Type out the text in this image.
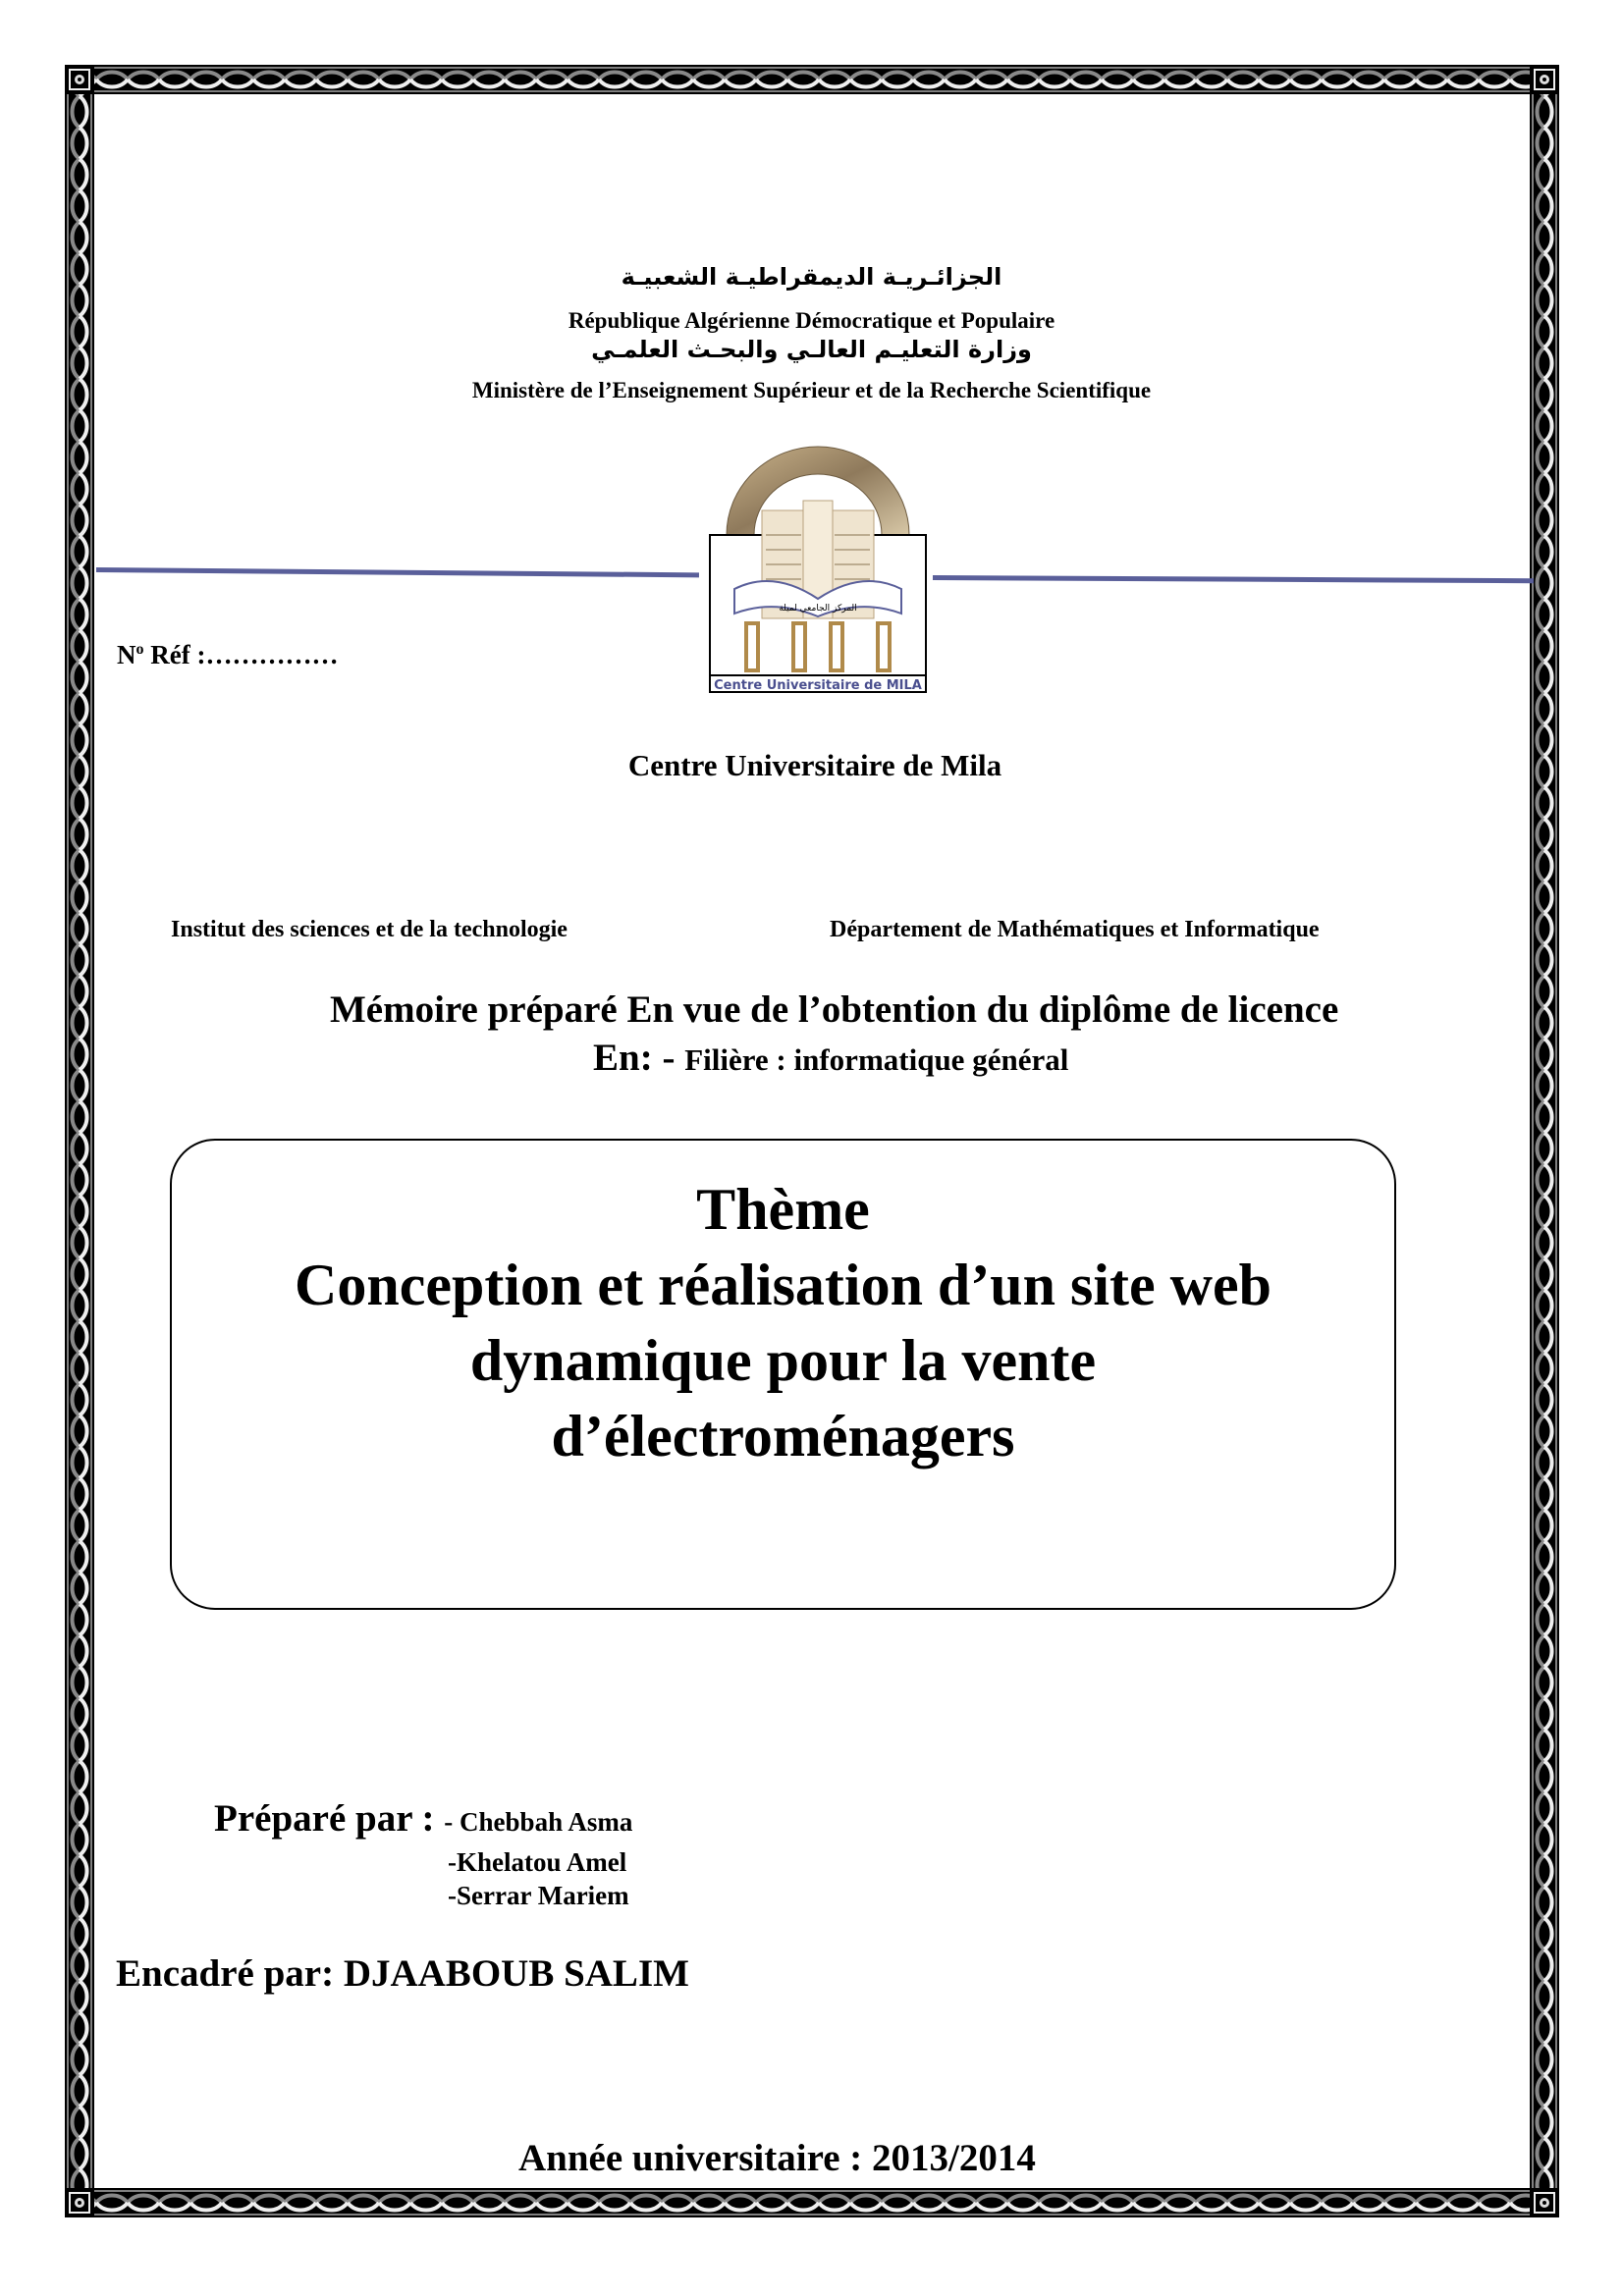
الجزائـريـة الديمقراطيـة الشعبيـة
République Algérienne Démocratique et Populaire
وزارة التعليـم العالـي والبحـث العلمـي
Ministère de l’Enseignement Supérieur et de la Recherche Scientifique
المركز الجامعي لميلة
Centre Universitaire de MILA
$N^o$ Réf :……………
Centre Universitaire de Mila
Institut des sciences et de la technologie	Département de Mathématiques et Informatique
Mémoire préparé En vue de l’obtention du diplôme de licence
En: - Filière : informatique général
Thème
Conception et réalisation d’un site web
dynamique pour la vente
d’électroménagers
Préparé par : - Chebbah Asma
-Khelatou Amel
-Serrar Mariem
Encadré par: DJAABOUB SALIM
Année universitaire : 2013/2014
